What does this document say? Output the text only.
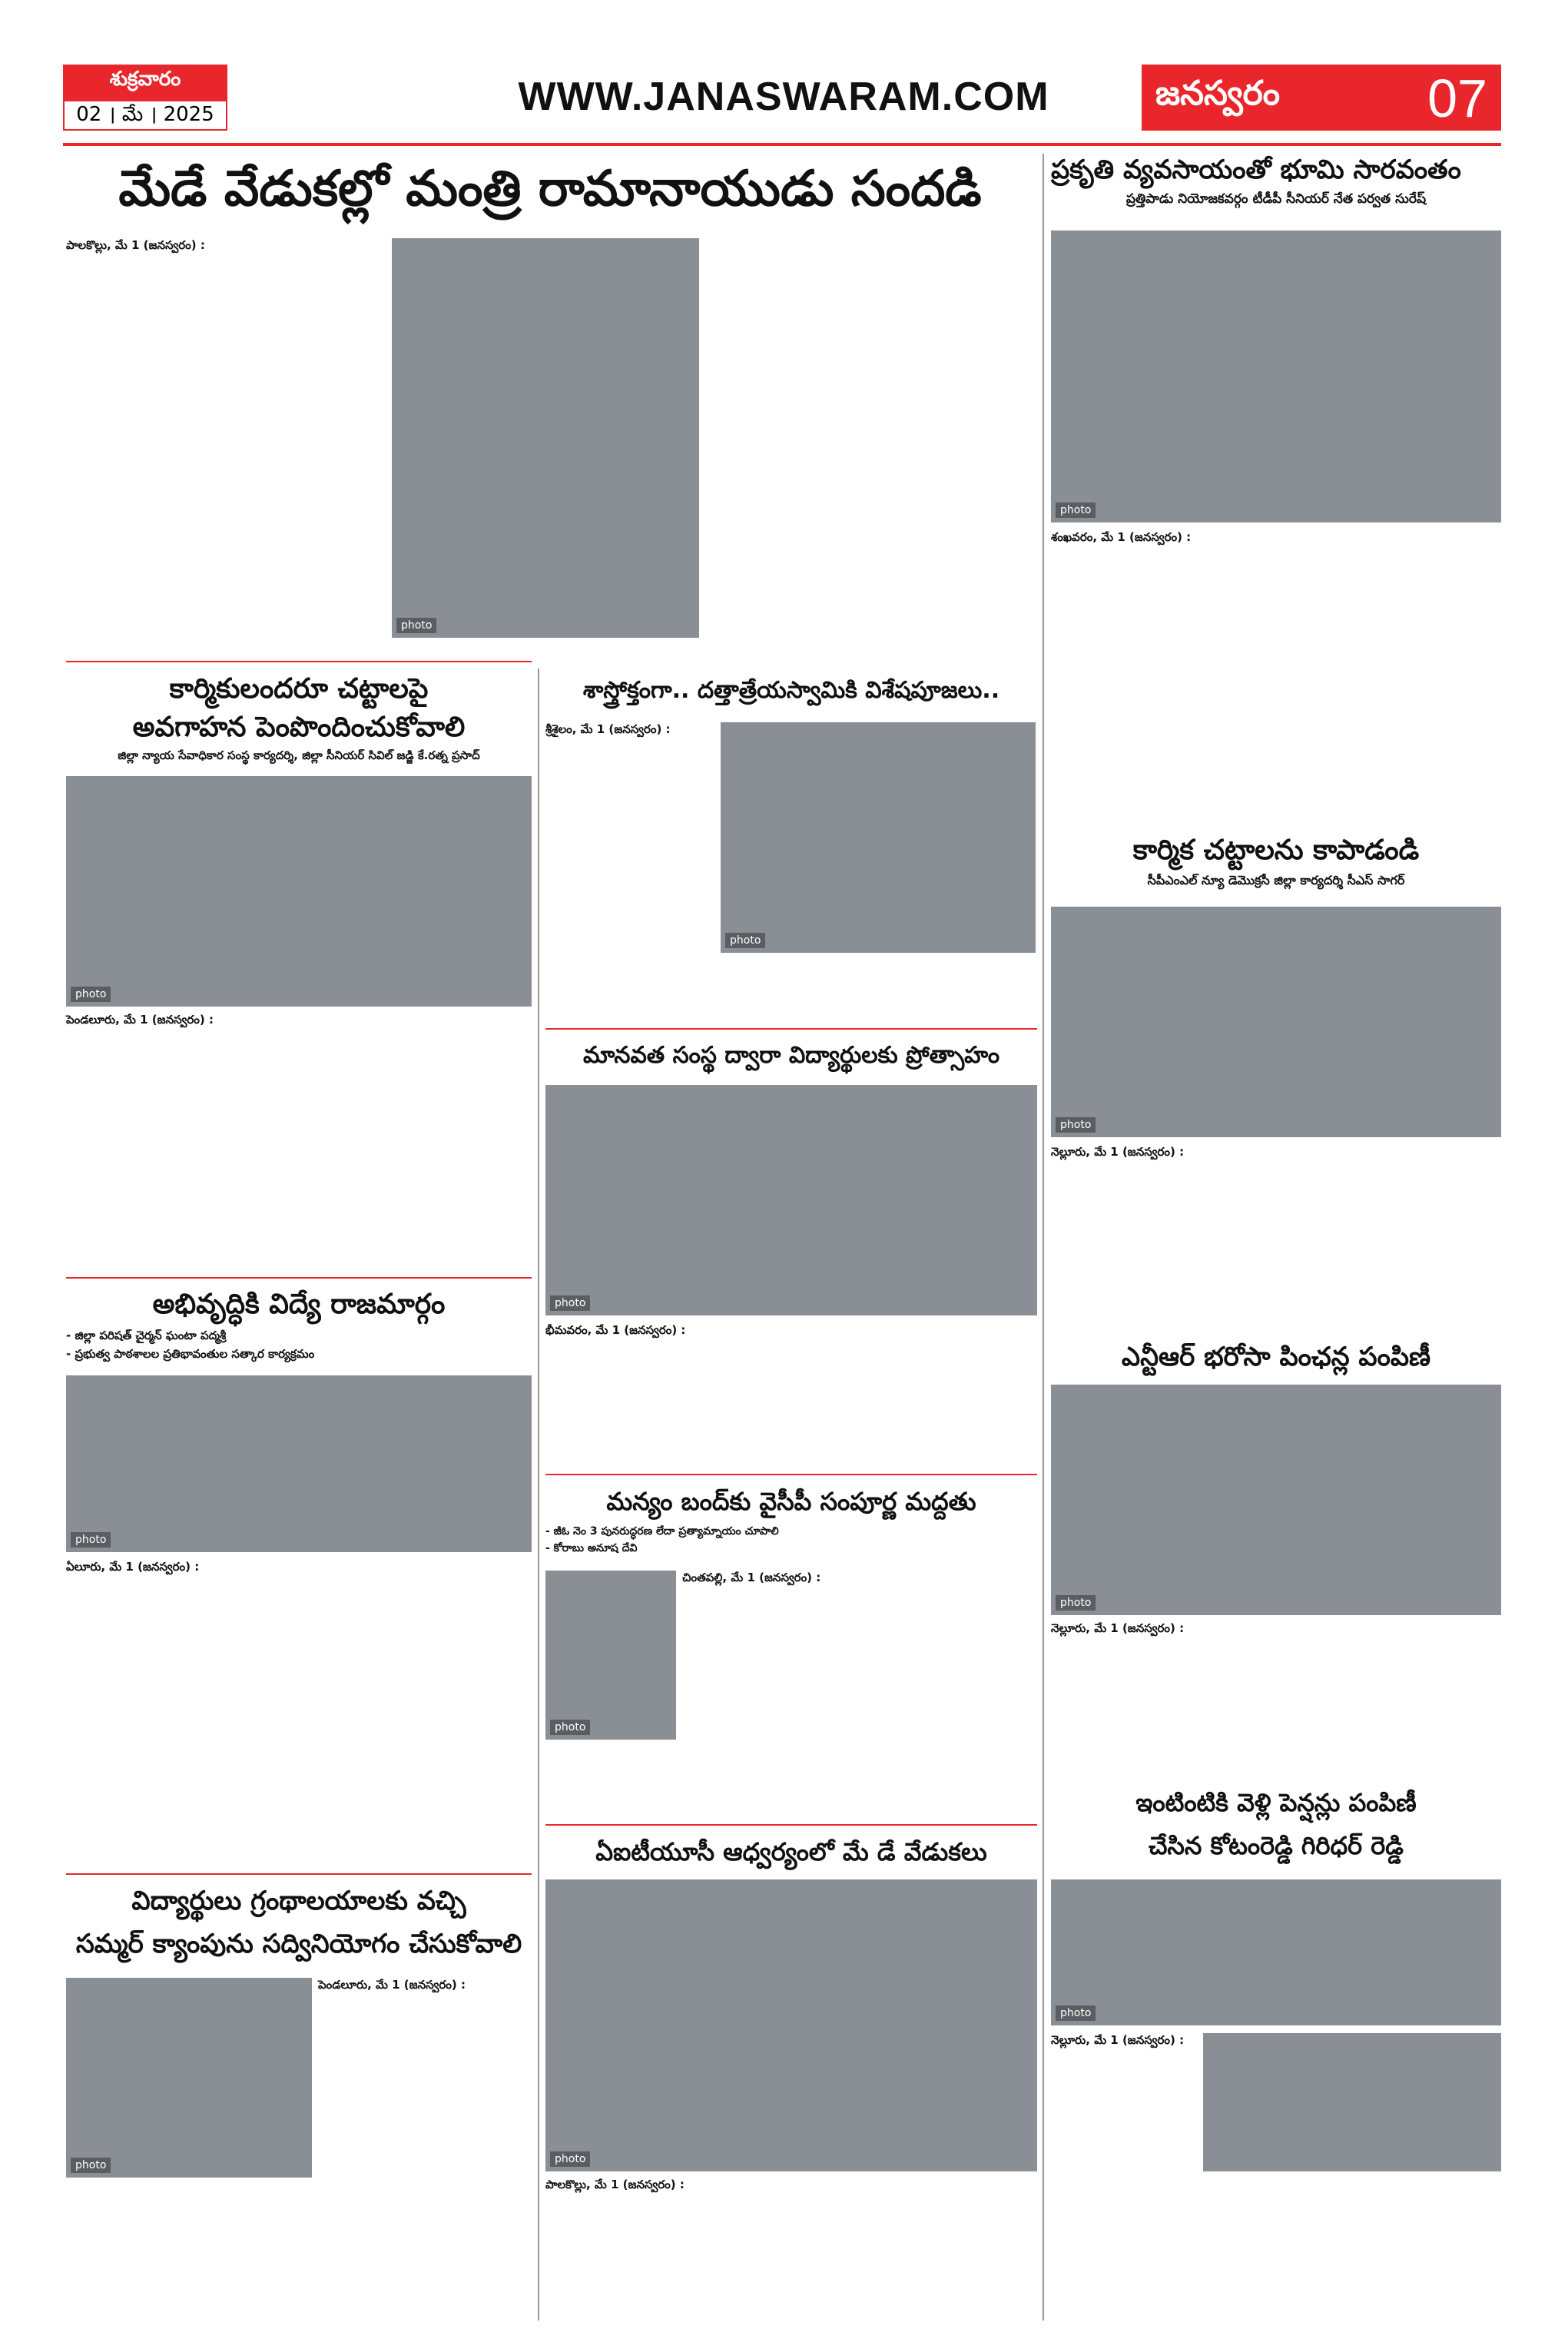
శుక్రవారం
02 । మే । 2025	WWW.JANASWARAM.COM	జనస్వరం	07
మేడే వేడుకల్లో మంత్రి రామానాయుడు సందడి
పాలకొల్లు, మే 1 (జనస్వరం) :
photo
ప్రకృతి వ్యవసాయంతో భూమి సారవంతం
ప్రత్తిపాడు నియోజకవర్గం టీడీపీ సీనియర్ నేత పర్వత సురేష్
photo
శంఖవరం, మే 1 (జనస్వరం) :
కార్మికులందరూ చట్టాలపై
అవగాహన పెంపొందించుకోవాలి
జిల్లా న్యాయ సేవాధికార సంస్థ కార్యదర్శి, జిల్లా సీనియర్ సివిల్ జడ్జి కే.రత్న ప్రసాద్
photo
పెండలూరు, మే 1 (జనస్వరం) :
శాస్త్రోక్తంగా.. దత్తాత్రేయస్వామికి విశేషపూజలు..
శ్రీశైలం, మే 1 (జనస్వరం) :
photo
కార్మిక చట్టాలను కాపాడండి
సీపీఎంఎల్ న్యూ డెమొక్రసీ జిల్లా కార్యదర్శి సీఎస్ సాగర్
photo
నెల్లూరు, మే 1 (జనస్వరం) :
మానవత సంస్థ ద్వారా విద్యార్థులకు ప్రోత్సాహం
photo
భీమవరం, మే 1 (జనస్వరం) :
ఎన్టీఆర్ భరోసా పింఛన్ల పంపిణీ
photo
నెల్లూరు, మే 1 (జనస్వరం) :
అభివృద్ధికి విద్యే రాజమార్గం
- జిల్లా పరిషత్ చైర్మన్ ఘంటా పద్మశ్రీ
- ప్రభుత్వ పాఠశాలల ప్రతిభావంతుల సత్కార కార్యక్రమం
photo
ఏలూరు, మే 1 (జనస్వరం) :
మన్యం బంద్‌కు వైసీపీ సంపూర్ణ మద్దతు
- జీఓ నెం 3 పునరుద్ధరణ లేదా ప్రత్యామ్నాయం చూపాలి
- కోరాబు అనూష దేవి
photo
చింతపల్లి, మే 1 (జనస్వరం) :
ఇంటింటికి వెళ్లి పెన్షన్లు పంపిణీ
చేసిన కోటంరెడ్డి గిరిధర్ రెడ్డి
photo
నెల్లూరు, మే 1 (జనస్వరం) :
ఏఐటీయూసీ ఆధ్వర్యంలో మే డే వేడుకలు
photo
పాలకొల్లు, మే 1 (జనస్వరం) :
విద్యార్థులు గ్రంథాలయాలకు వచ్చి
సమ్మర్ క్యాంపును సద్వినియోగం చేసుకోవాలి
photo
పెండలూరు, మే 1 (జనస్వరం) :
